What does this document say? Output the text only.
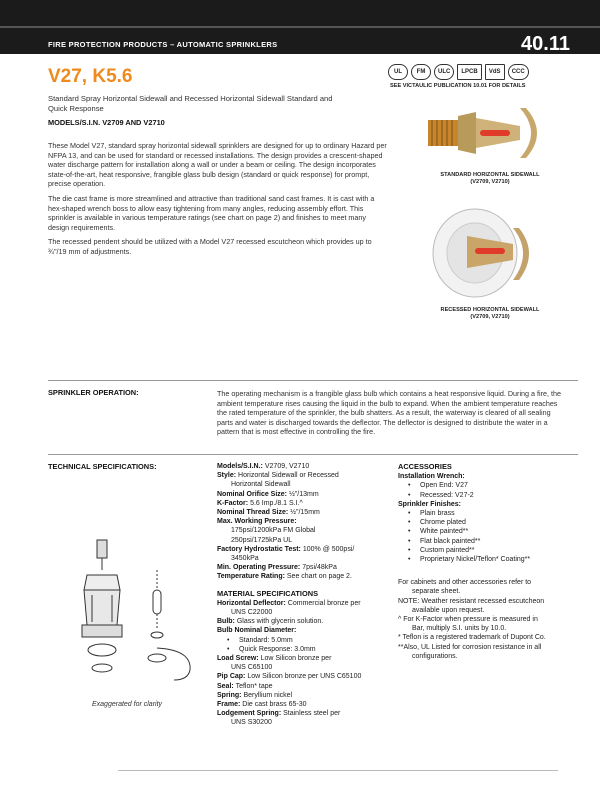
FIRE PROTECTION PRODUCTS – AUTOMATIC SPRINKLERS	40.11
V27, K5.6
Standard Spray Horizontal Sidewall and Recessed Horizontal Sidewall Standard and Quick Response
MODELS/S.I.N. V2709 AND V2710
UL	FM	ULC	LPCB	VdS	CCC
SEE VICTAULIC PUBLICATION 10.01 FOR DETAILS

These Model V27, standard spray horizontal sidewall sprinklers are designed for up to ordinary Hazard per NFPA 13, and can be used for standard or recessed installations. The design provides a crescent-shaped water discharge pattern for installation along a wall or under a beam or ceiling. The design incorporates state-of-the-art, heat responsive, frangible glass bulb design (standard or quick response) for prompt, precise operation.

The die cast frame is more streamlined and attractive than traditional sand cast frames. It is cast with a hex-shaped wrench boss to allow easy tightening from many angles, reducing assembly effort. This sprinkler is available in various temperature ratings (see chart on page 2) and finishes to meet many design requirements.

The recessed pendent should be utilized with a Model V27 recessed escutcheon which provides up to ¾"/19 mm of adjustments.

STANDARD HORIZONTAL SIDEWALL
(V2709, V2710)
RECESSED HORIZONTAL SIDEWALL
(V2709, V2710)
SPRINKLER OPERATION:	The operating mechanism is a frangible glass bulb which contains a heat responsive liquid. During a fire, the ambient temperature rises causing the liquid in the bulb to expand. When the ambient temperature reaches the rated temperature of the sprinkler, the bulb shatters. As a result, the waterway is cleared of all sealing parts and water is discharged towards the deflector. The deflector is designed to distribute the water in a pattern that is most effective in controlling the fire.
TECHNICAL SPECIFICATIONS:
Exaggerated for clarity
Models/S.I.N.: V2709, V2710
Style: Horizontal Sidewall or Recessed
Horizontal Sidewall
Nominal Orifice Size: ½"/13mm
K-Factor: 5.6 Imp./8.1 S.I.^
Nominal Thread Size: ½"/15mm
Max. Working Pressure:
175psi/1200kPa FM Global
250psi/1725kPa UL
Factory Hydrostatic Test: 100% @ 500psi/
3450kPa
Min. Operating Pressure: 7psi/48kPa
Temperature Rating: See chart on page 2.
MATERIAL SPECIFICATIONS
Horizontal Deflector: Commercial bronze per
UNS C22000
Bulb: Glass with glycerin solution.
Bulb Nominal Diameter:
• Standard: 5.0mm
• Quick Response: 3.0mm
Load Screw: Low Silicon bronze per
UNS C65100
Pip Cap: Low Silicon bronze per UNS C65100
Seal: Teflon* tape
Spring: Beryllium nickel
Frame: Die cast brass 65-30
Lodgement Spring: Stainless steel per
UNS S30200
ACCESSORIES
Installation Wrench:
• Open End: V27
• Recessed: V27-2
Sprinkler Finishes:
• Plain brass
• Chrome plated
• White painted**
• Flat black painted**
• Custom painted**
• Proprietary Nickel/Teflon* Coating**
For cabinets and other accessories refer to
separate sheet.
NOTE: Weather resistant recessed escutcheon
available upon request.
^ For K-Factor when pressure is measured in
Bar, multiply S.I. units by 10.0.
* Teflon is a registered trademark of Dupont Co.
**Also, UL Listed for corrosion resistance in all
configurations.
